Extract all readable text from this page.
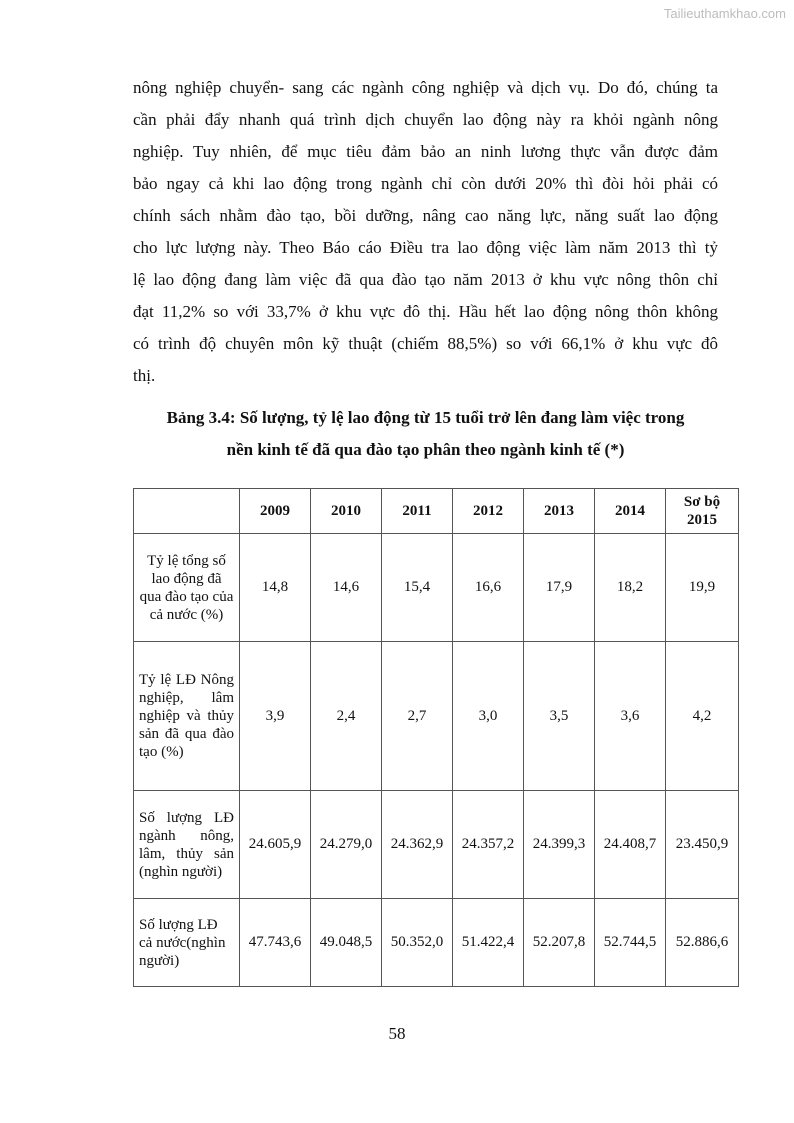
Tailieuthamkhao.com
nông nghiệp chuyển- sang các ngành công nghiệp và dịch vụ. Do đó, chúng ta
cần phải đẩy nhanh quá trình dịch chuyển lao động này ra khỏi ngành nông
nghiệp. Tuy nhiên, để mục tiêu đảm bảo an ninh lương thực vẫn được đảm
bảo ngay cả khi lao động trong ngành chỉ còn dưới 20% thì đòi hỏi phải có
chính sách nhằm đào tạo, bồi dưỡng, nâng cao năng lực, năng suất lao động
cho lực lượng này. Theo Báo cáo Điều tra lao động việc làm năm 2013 thì tỷ
lệ lao động đang làm việc đã qua đào tạo năm 2013 ở khu vực nông thôn chỉ
đạt 11,2% so với 33,7% ở khu vực đô thị. Hầu hết lao động nông thôn không
có trình độ chuyên môn kỹ thuật (chiếm 88,5%) so với 66,1% ở khu vực đô
thị.
Bảng 3.4: Số lượng, tỷ lệ lao động từ 15 tuổi trở lên đang làm việc trong
nền kinh tế đã qua đào tạo phân theo ngành kinh tế (*)
	2009	2010	2011	2012	2013	2014	Sơ bộ 2015
Tỷ lệ tổng số lao động đã qua đào tạo của cả nước (%)	14,8	14,6	15,4	16,6	17,9	18,2	19,9
Tỷ lệ LĐ Nông nghiệp, lâm nghiệp và thủy sản đã qua đào tạo (%)	3,9	2,4	2,7	3,0	3,5	3,6	4,2
Số lượng LĐ ngành nông, lâm, thủy sản (nghìn người)	24.605,9	24.279,0	24.362,9	24.357,2	24.399,3	24.408,7	23.450,9
Số lượng LĐ cả nước(nghìn người)	47.743,6	49.048,5	50.352,0	51.422,4	52.207,8	52.744,5	52.886,6
58
